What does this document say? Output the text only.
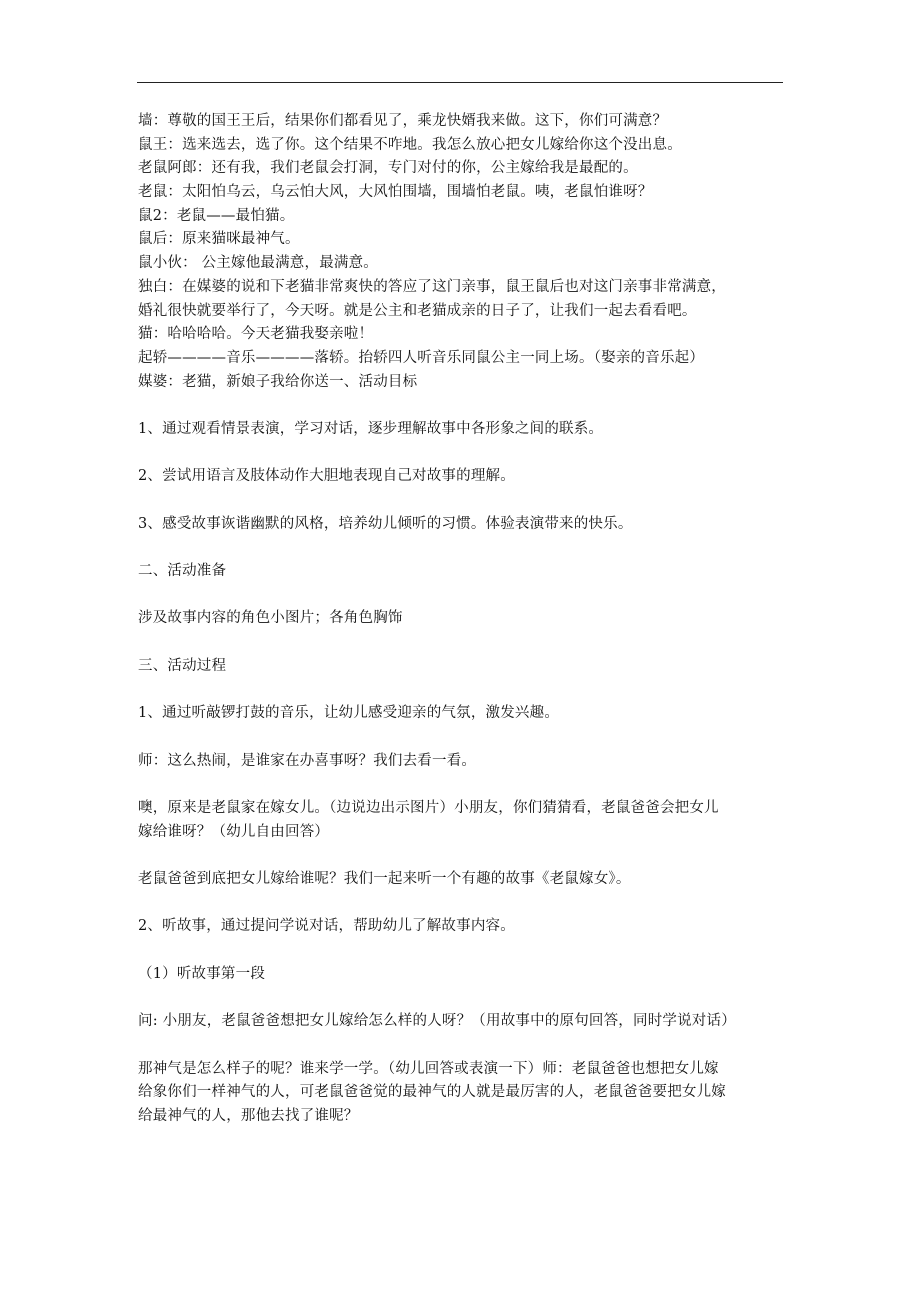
墙：尊敬的国王王后，结果你们都看见了，乘龙快婿我来做。这下，你们可满意？
鼠王：选来选去，选了你。这个结果不咋地。我怎么放心把女儿嫁给你这个没出息。
老鼠阿郎：还有我，我们老鼠会打洞，专门对付的你，公主嫁给我是最配的。
老鼠：太阳怕乌云，乌云怕大风，大风怕围墙，围墙怕老鼠。咦，老鼠怕谁呀？
鼠2：老鼠——最怕猫。
鼠后：原来猫咪最神气。
鼠小伙： 公主嫁他最满意，最满意。
独白：在媒婆的说和下老猫非常爽快的答应了这门亲事，鼠王鼠后也对这门亲事非常满意，
婚礼很快就要举行了，今天呀。就是公主和老猫成亲的日子了，让我们一起去看看吧。
猫：哈哈哈哈。今天老猫我娶亲啦！
起轿————音乐————落轿。抬轿四人听音乐同鼠公主一同上场。（娶亲的音乐起）
媒婆：老猫，新娘子我给你送一、活动目标
1、通过观看情景表演，学习对话，逐步理解故事中各形象之间的联系。
2、尝试用语言及肢体动作大胆地表现自己对故事的理解。
3、感受故事诙谐幽默的风格，培养幼儿倾听的习惯。体验表演带来的快乐。
二、活动准备
涉及故事内容的角色小图片；各角色胸饰
三、活动过程
1、通过听敲锣打鼓的音乐，让幼儿感受迎亲的气氛，激发兴趣。
师：这么热闹，是谁家在办喜事呀？我们去看一看。
噢，原来是老鼠家在嫁女儿。（边说边出示图片）小朋友，你们猜猜看，老鼠爸爸会把女儿
嫁给谁呀？（幼儿自由回答）
老鼠爸爸到底把女儿嫁给谁呢？我们一起来听一个有趣的故事《老鼠嫁女》。
2、听故事，通过提问学说对话，帮助幼儿了解故事内容。
（1）听故事第一段
问: 小朋友，老鼠爸爸想把女儿嫁给怎么样的人呀？（用故事中的原句回答，同时学说对话）
那神气是怎么样子的呢？谁来学一学。（幼儿回答或表演一下）师：老鼠爸爸也想把女儿嫁
给象你们一样神气的人，可老鼠爸爸觉的最神气的人就是最厉害的人，老鼠爸爸要把女儿嫁
给最神气的人，那他去找了谁呢？
